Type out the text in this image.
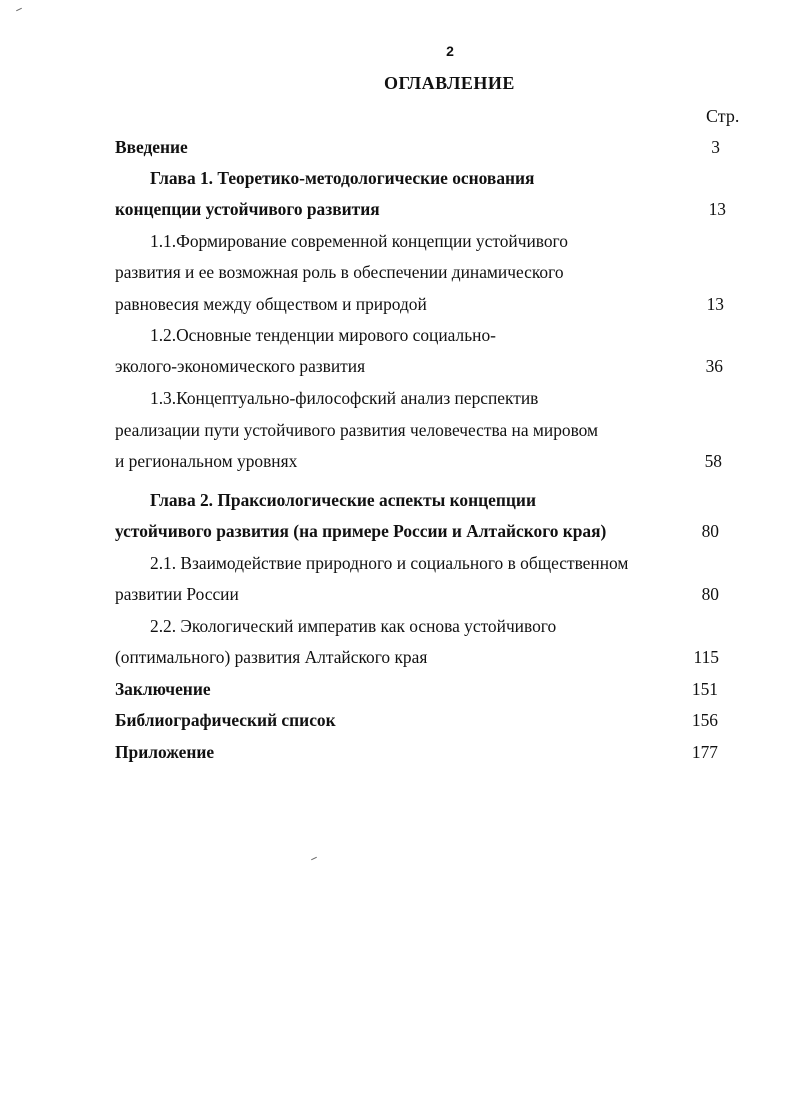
2
ОГЛАВЛЕНИЕ
Стр.
Введение	3
Глава 1. Теоретико-методологические основания
концепции устойчивого развития	13
1.1.Формирование современной концепции устойчивого
развития и ее возможная роль в обеспечении динамического
равновесия между обществом и природой	13
1.2.Основные тенденции мирового социально-
эколого-экономического развития	36
1.3.Концептуально-философский анализ перспектив
реализации пути устойчивого развития человечества на мировом
и региональном уровнях	58
Глава 2. Праксиологические аспекты концепции
устойчивого развития (на примере России и Алтайского края)	80
2.1. Взаимодействие природного и социального в общественном
развитии России	80
2.2. Экологический императив как основа устойчивого
(оптимального) развития Алтайского края	115
Заключение	151
Библиографический список	156
Приложение	177
